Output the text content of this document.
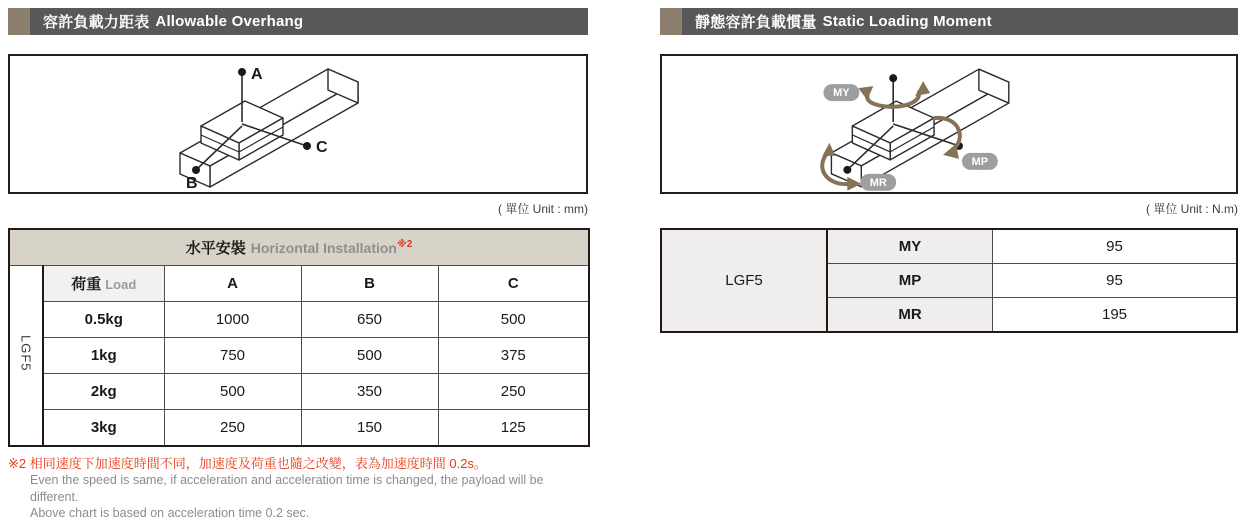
容許負載力距表 Allowable Overhang
A
C
B
( 單位 Unit : mm)
水平安裝 Horizontal Installation$^{※2}$
LGF5	荷重 Load	A	B	C
	0.5kg	1000	650	500
	1kg	750	500	375
	2kg	500	350	250
	3kg	250	150	125

※2 相同速度下加速度時間不同，加速度及荷重也隨之改變，表為加速度時間 0.2s。

Even the speed is same, if acceleration and acceleration time is changed, the payload will be different.

Above chart is based on acceleration time 0.2 sec.

靜態容許負載慣量 Static Loading Moment
MY
MP
MR
( 單位 Unit : N.m)
LGF5	MY	95
	MP	95
	MR	195
